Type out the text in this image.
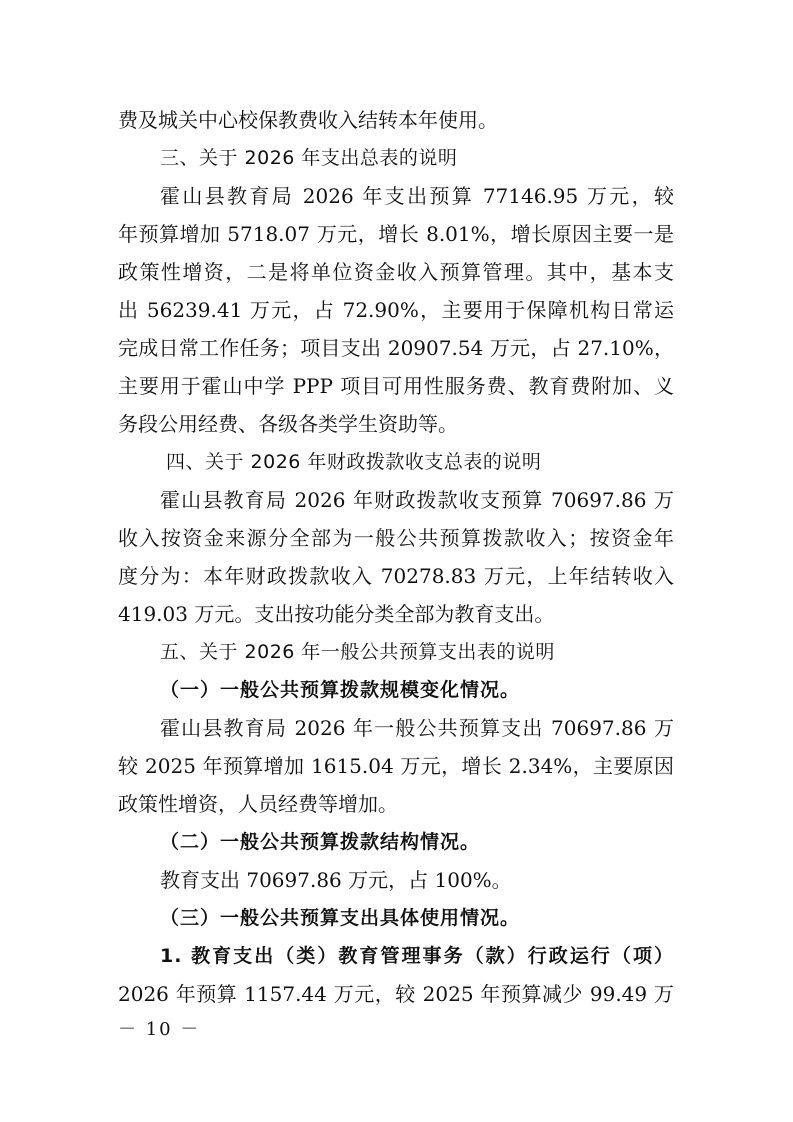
费及城关中心校保教费收入结转本年使用。
三、关于 2026 年支出总表的说明
霍山县教育局 2026 年支出预算 77146.95 万元，较
年预算增加 5718.07 万元，增长 8.01%，增长原因主要一是
政策性增资，二是将单位资金收入预算管理。其中，基本支
出 56239.41 万元，占 72.90%，主要用于保障机构日常运
完成日常工作任务；项目支出 20907.54 万元，占 27.10%，
主要用于霍山中学 PPP 项目可用性服务费、教育费附加、义
务段公用经费、各级各类学生资助等。
四、关于 2026 年财政拨款收支总表的说明
霍山县教育局 2026 年财政拨款收支预算 70697.86 万
收入按资金来源分全部为一般公共预算拨款收入；按资金年
度分为：本年财政拨款收入 70278.83 万元，上年结转收入
419.03 万元。支出按功能分类全部为教育支出。
五、关于 2026 年一般公共预算支出表的说明
（一）一般公共预算拨款规模变化情况。
霍山县教育局 2026 年一般公共预算支出 70697.86 万
较 2025 年预算增加 1615.04 万元，增长 2.34%，主要原因
政策性增资，人员经费等增加。
（二）一般公共预算拨款结构情况。
教育支出 70697.86 万元，占 100%。
（三）一般公共预算支出具体使用情况。
1. 教育支出（类）教育管理事务（款）行政运行（项）
2026 年预算 1157.44 万元，较 2025 年预算减少 99.49 万
－ 10 －
